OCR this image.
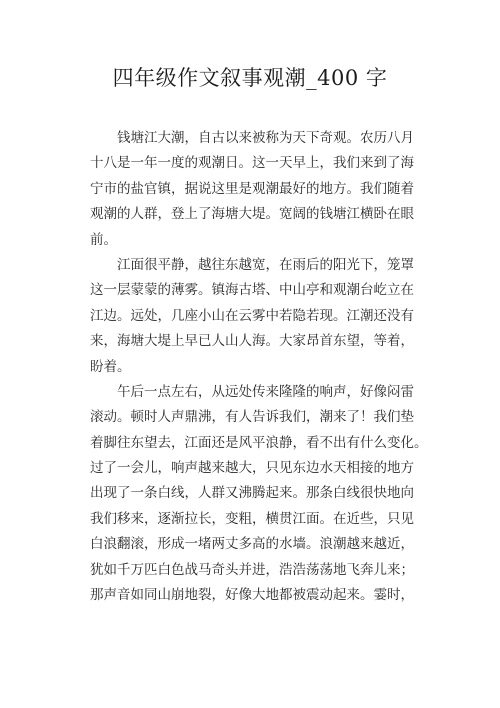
四年级作文叙事观潮_400 字
　　钱塘江大潮，自古以来被称为天下奇观。农历八月
十八是一年一度的观潮日。这一天早上，我们来到了海
宁市的盐官镇，据说这里是观潮最好的地方。我们随着
观潮的人群，登上了海塘大堤。宽阔的钱塘江横卧在眼
前。
　　江面很平静，越往东越宽，在雨后的阳光下，笼罩
这一层蒙蒙的薄雾。镇海古塔、中山亭和观潮台屹立在
江边。远处，几座小山在云雾中若隐若现。江潮还没有
来，海塘大堤上早已人山人海。大家昂首东望，等着，
盼着。
　　午后一点左右，从远处传来隆隆的响声，好像闷雷
滚动。顿时人声鼎沸，有人告诉我们，潮来了！我们垫
着脚往东望去，江面还是风平浪静，看不出有什么变化。
过了一会儿，响声越来越大，只见东边水天相接的地方
出现了一条白线，人群又沸腾起来。那条白线很快地向
我们移来，逐渐拉长，变粗，横贯江面。在近些，只见
白浪翻滚，形成一堵两丈多高的水墙。浪潮越来越近，
犹如千万匹白色战马奇头并进，浩浩荡荡地飞奔儿来；
那声音如同山崩地裂，好像大地都被震动起来。霎时，
